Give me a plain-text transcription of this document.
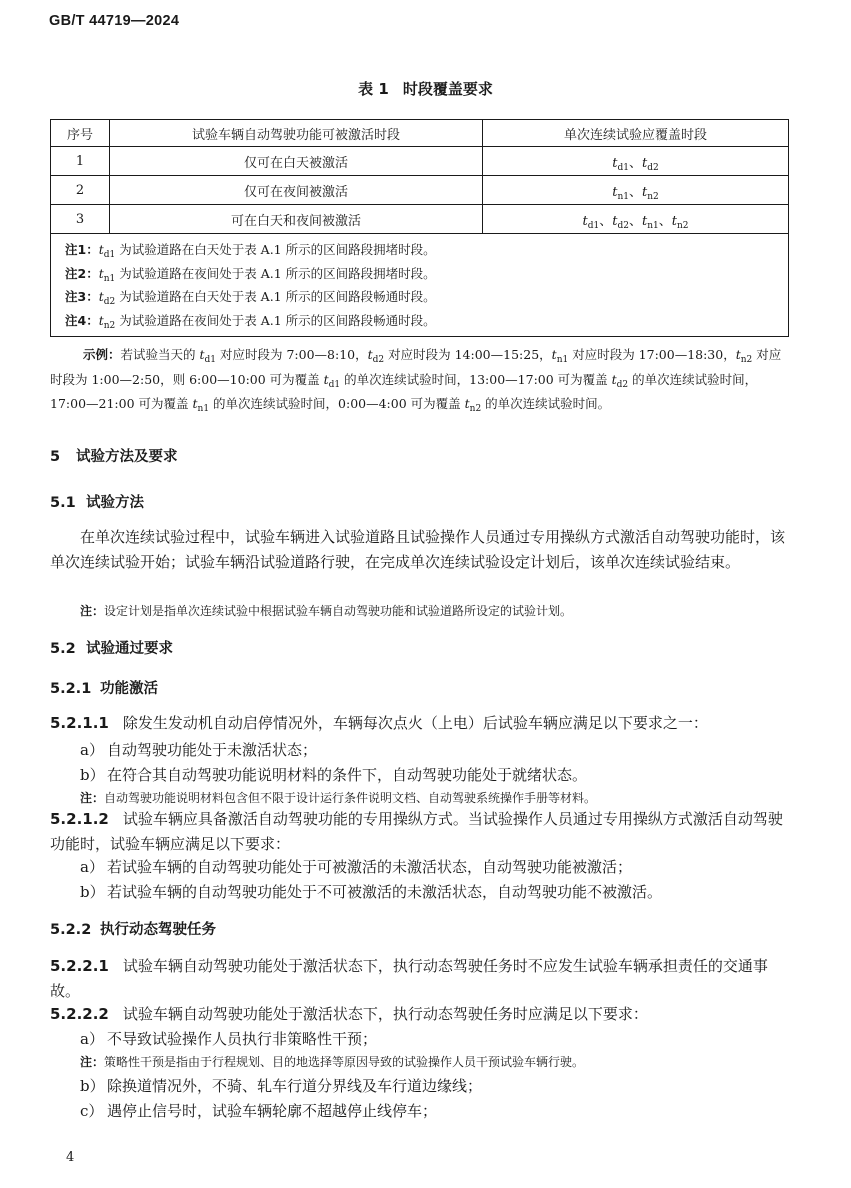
GB/T 44719—2024
表 1 时段覆盖要求
序号	试验车辆自动驾驶功能可被激活时段	单次连续试验应覆盖时段
1	仅可在白天被激活	$t_{d1}$、$t_{d2}$
2	仅可在夜间被激活	$t_{n1}$、$t_{n2}$
3	可在白天和夜间被激活	$t_{d1}$、$t_{d2}$、$t_{n1}$、$t_{n2}$

注1：$t_{d1}$ 为试验道路在白天处于表 A.1 所示的区间路段拥堵时段。
注2：$t_{n1}$ 为试验道路在夜间处于表 A.1 所示的区间路段拥堵时段。
注3：$t_{d2}$ 为试验道路在白天处于表 A.1 所示的区间路段畅通时段。
注4：$t_{n2}$ 为试验道路在夜间处于表 A.1 所示的区间路段畅通时段。		
示例：若试验当天的 $t_{d1}$ 对应时段为 7:00—8:10，$t_{d2}$ 对应时段为 14:00—15:25，$t_{n1}$ 对应时段为 17:00—18:30，$t_{n2}$ 对应时段为 1:00—2:50，则 6:00—10:00 可为覆盖 $t_{d1}$ 的单次连续试验时间，13:00—17:00 可为覆盖 $t_{d2}$ 的单次连续试验时间，17:00—21:00 可为覆盖 $t_{n1}$ 的单次连续试验时间，0:00—4:00 可为覆盖 $t_{n2}$ 的单次连续试验时间。
5 试验方法及要求
5.1 试验方法
在单次连续试验过程中，试验车辆进入试验道路且试验操作人员通过专用操纵方式激活自动驾驶功能时，该单次连续试验开始；试验车辆沿试验道路行驶，在完成单次连续试验设定计划后，该单次连续试验结束。
注：设定计划是指单次连续试验中根据试验车辆自动驾驶功能和试验道路所设定的试验计划。
5.2 试验通过要求
5.2.1 功能激活
5.2.1.1 除发生发动机自动启停情况外，车辆每次点火（上电）后试验车辆应满足以下要求之一：
a） 自动驾驶功能处于未激活状态；
b） 在符合其自动驾驶功能说明材料的条件下，自动驾驶功能处于就绪状态。
注：自动驾驶功能说明材料包含但不限于设计运行条件说明文档、自动驾驶系统操作手册等材料。
5.2.1.2 试验车辆应具备激活自动驾驶功能的专用操纵方式。当试验操作人员通过专用操纵方式激活自动驾驶功能时，试验车辆应满足以下要求：
a） 若试验车辆的自动驾驶功能处于可被激活的未激活状态，自动驾驶功能被激活；
b） 若试验车辆的自动驾驶功能处于不可被激活的未激活状态，自动驾驶功能不被激活。
5.2.2 执行动态驾驶任务
5.2.2.1 试验车辆自动驾驶功能处于激活状态下，执行动态驾驶任务时不应发生试验车辆承担责任的交通事故。
5.2.2.2 试验车辆自动驾驶功能处于激活状态下，执行动态驾驶任务时应满足以下要求：
a） 不导致试验操作人员执行非策略性干预；
注：策略性干预是指由于行程规划、目的地选择等原因导致的试验操作人员干预试验车辆行驶。
b） 除换道情况外，不骑、轧车行道分界线及车行道边缘线；
c） 遇停止信号时，试验车辆轮廓不超越停止线停车；
4
